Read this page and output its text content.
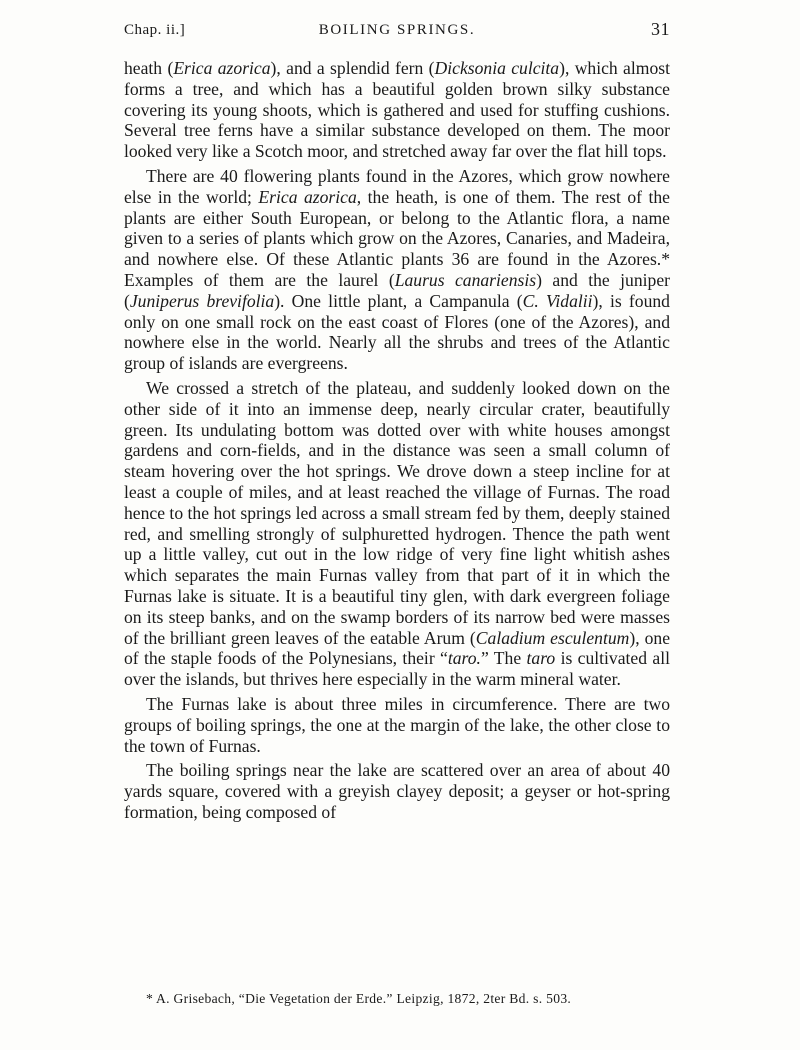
Chap. ii.]	BOILING SPRINGS.	31

heath (Erica azorica), and a splendid fern (Dicksonia culcita), which almost forms a tree, and which has a beautiful golden brown silky substance covering its young shoots, which is gathered and used for stuffing cushions. Several tree ferns have a similar substance developed on them. The moor looked very like a Scotch moor, and stretched away far over the flat hill tops.

There are 40 flowering plants found in the Azores, which grow nowhere else in the world; Erica azorica, the heath, is one of them. The rest of the plants are either South European, or belong to the Atlantic flora, a name given to a series of plants which grow on the Azores, Canaries, and Madeira, and nowhere else. Of these Atlantic plants 36 are found in the Azores.* Examples of them are the laurel (Laurus canariensis) and the juniper (Juniperus brevifolia). One little plant, a Campanula (C. Vidalii), is found only on one small rock on the east coast of Flores (one of the Azores), and nowhere else in the world. Nearly all the shrubs and trees of the Atlantic group of islands are evergreens.

We crossed a stretch of the plateau, and suddenly looked down on the other side of it into an immense deep, nearly circular crater, beautifully green. Its undulating bottom was dotted over with white houses amongst gardens and corn-fields, and in the distance was seen a small column of steam hovering over the hot springs. We drove down a steep incline for at least a couple of miles, and at least reached the village of Furnas. The road hence to the hot springs led across a small stream fed by them, deeply stained red, and smelling strongly of sulphuretted hydrogen. Thence the path went up a little valley, cut out in the low ridge of very fine light whitish ashes which separates the main Furnas valley from that part of it in which the Furnas lake is situate. It is a beautiful tiny glen, with dark evergreen foliage on its steep banks, and on the swamp borders of its narrow bed were masses of the brilliant green leaves of the eatable Arum (Caladium esculentum), one of the staple foods of the Polynesians, their “taro.” The taro is cultivated all over the islands, but thrives here especially in the warm mineral water.

The Furnas lake is about three miles in circumference. There are two groups of boiling springs, the one at the margin of the lake, the other close to the town of Furnas.

The boiling springs near the lake are scattered over an area of about 40 yards square, covered with a greyish clayey deposit; a geyser or hot-spring formation, being composed of

* A. Grisebach, “Die Vegetation der Erde.” Leipzig, 1872, 2ter Bd. s. 503.
